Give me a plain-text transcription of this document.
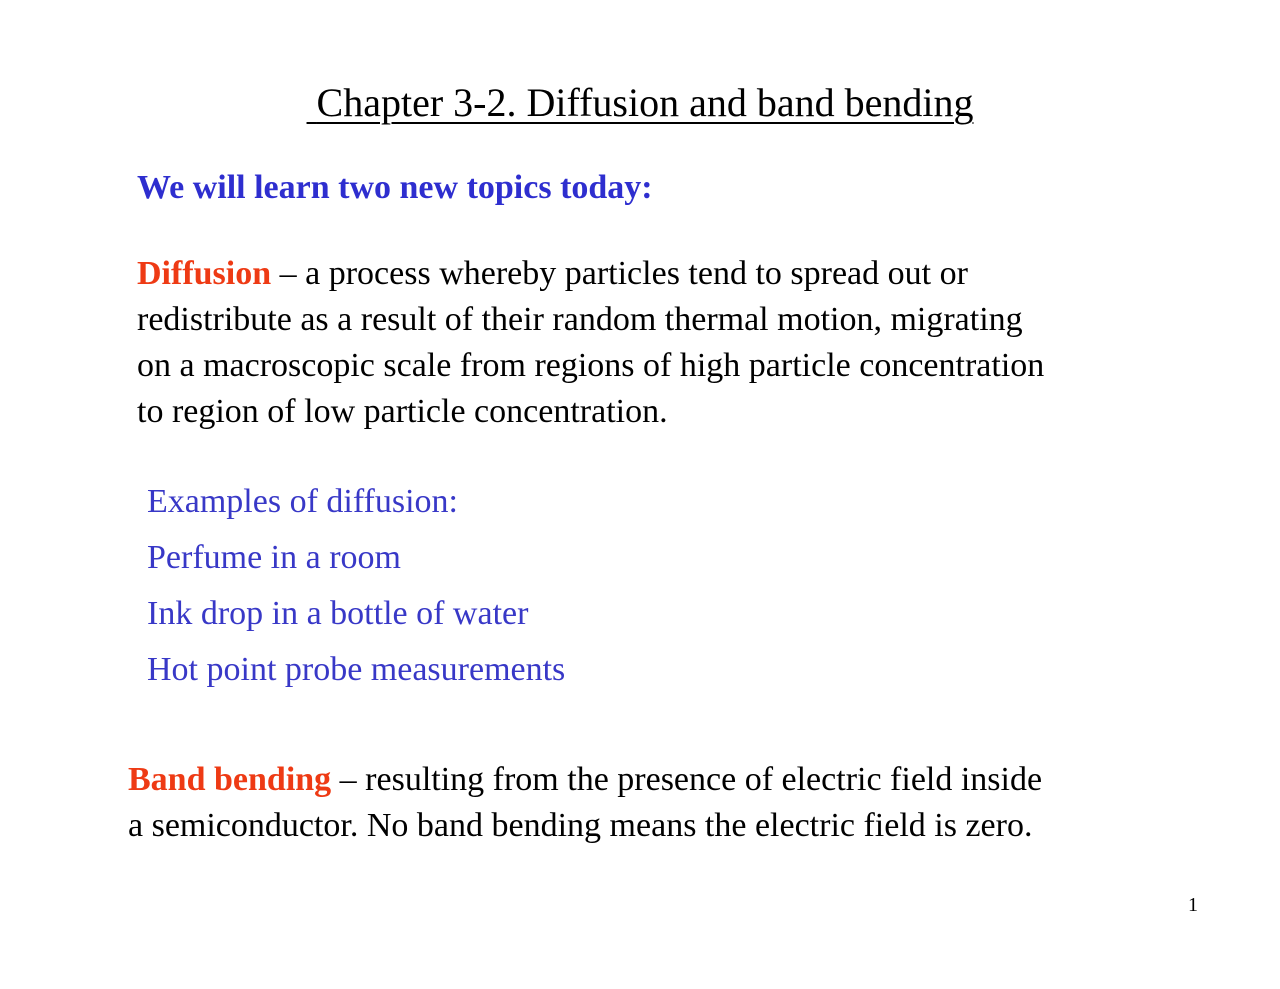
Chapter 3-2. Diffusion and band bending
We will learn two new topics today:
Diffusion – a process whereby particles tend to spread out or
redistribute as a result of their random thermal motion, migrating
on a macroscopic scale from regions of high particle concentration
to region of low particle concentration.
Examples of diffusion:
Perfume in a room
Ink drop in a bottle of water
Hot point probe measurements
Band bending – resulting from the presence of electric field inside
a semiconductor. No band bending means the electric field is zero.
1
